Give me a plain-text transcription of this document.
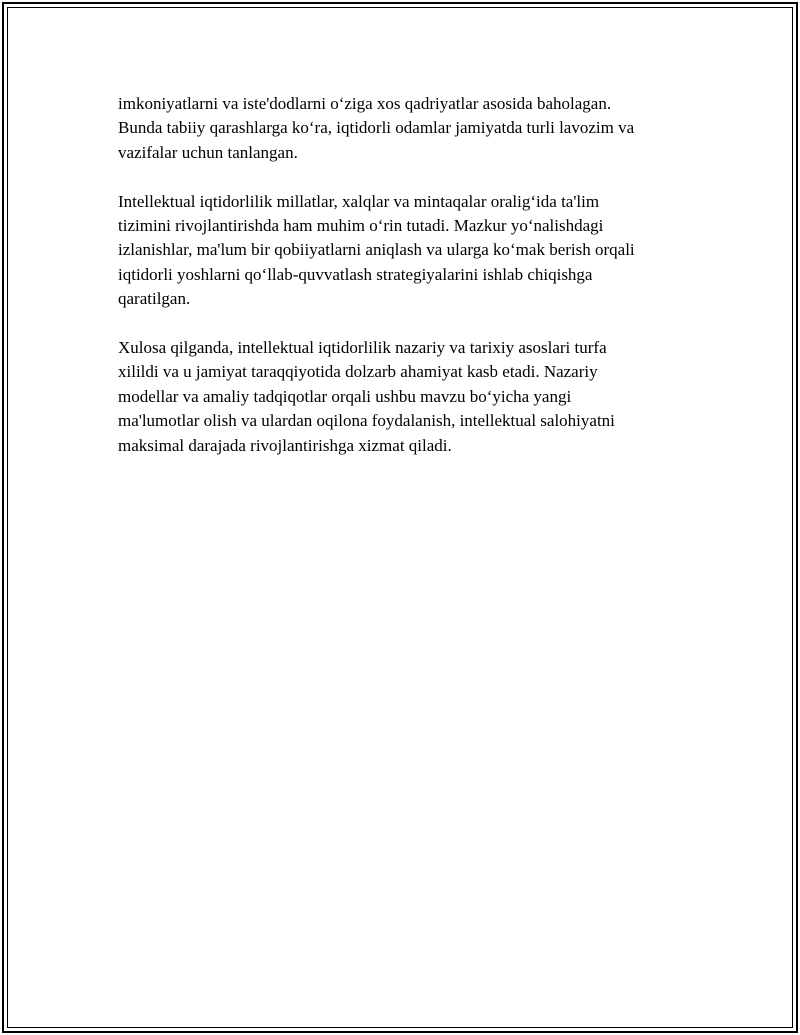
imkoniyatlarni va iste'dodlarni o‘ziga xos qadriyatlar asosida baholagan.
Bunda tabiiy qarashlarga ko‘ra, iqtidorli odamlar jamiyatda turli lavozim va
vazifalar uchun tanlangan.

Intellektual iqtidorlilik millatlar, xalqlar va mintaqalar oralig‘ida ta'lim
tizimini rivojlantirishda ham muhim o‘rin tutadi. Mazkur yo‘nalishdagi
izlanishlar, ma'lum bir qobiiyatlarni aniqlash va ularga ko‘mak berish orqali
iqtidorli yoshlarni qo‘llab-quvvatlash strategiyalarini ishlab chiqishga
qaratilgan.

Xulosa qilganda, intellektual iqtidorlilik nazariy va tarixiy asoslari turfa
xilildi va u jamiyat taraqqiyotida dolzarb ahamiyat kasb etadi. Nazariy
modellar va amaliy tadqiqotlar orqali ushbu mavzu bo‘yicha yangi
ma'lumotlar olish va ulardan oqilona foydalanish, intellektual salohiyatni
maksimal darajada rivojlantirishga xizmat qiladi.
